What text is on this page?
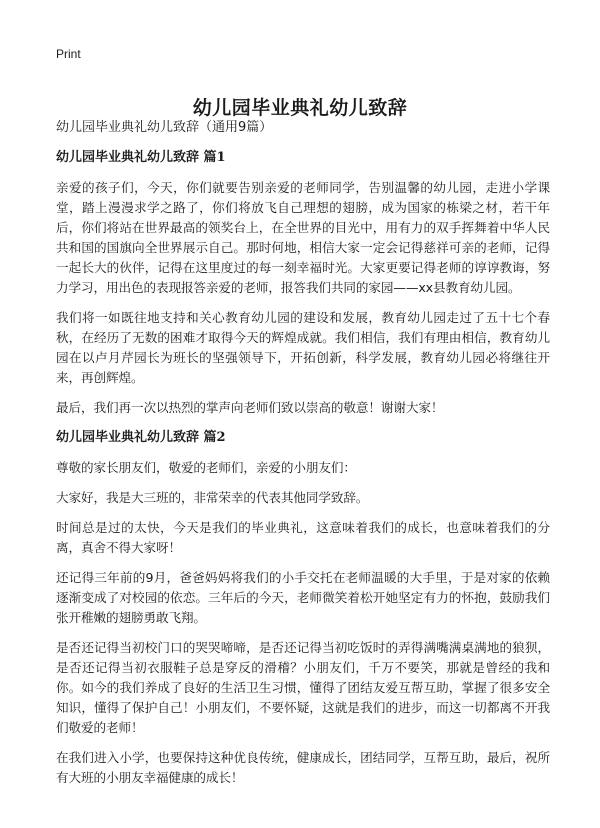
Print
幼儿园毕业典礼幼儿致辞

幼儿园毕业典礼幼儿致辞（通用9篇）

幼儿园毕业典礼幼儿致辞 篇1

亲爱的孩子们，今天，你们就要告别亲爱的老师同学，告别温馨的幼儿园，走进小学课堂，踏上漫漫求学之路了，你们将放飞自己理想的翅膀，成为国家的栋梁之材，若干年后，你们将站在世界最高的领奖台上，在全世界的目光中，用有力的双手挥舞着中华人民共和国的国旗向全世界展示自己。那时何地，相信大家一定会记得慈祥可亲的老师，记得一起长大的伙伴，记得在这里度过的每一刻幸福时光。大家更要记得老师的谆谆教诲，努力学习，用出色的表现报答亲爱的老师，报答我们共同的家园——xx县教育幼儿园。

我们将一如既往地支持和关心教育幼儿园的建设和发展，教育幼儿园走过了五十七个春秋，在经历了无数的困难才取得今天的辉煌成就。我们相信，我们有理由相信，教育幼儿园在以卢月芹园长为班长的坚强领导下，开拓创新，科学发展，教育幼儿园必将继往开来，再创辉煌。

最后，我们再一次以热烈的掌声向老师们致以崇高的敬意！谢谢大家！

幼儿园毕业典礼幼儿致辞 篇2

尊敬的家长朋友们，敬爱的老师们，亲爱的小朋友们：

大家好，我是大三班的，非常荣幸的代表其他同学致辞。

时间总是过的太快，今天是我们的毕业典礼，这意味着我们的成长，也意味着我们的分离，真舍不得大家呀！

还记得三年前的9月，爸爸妈妈将我们的小手交托在老师温暖的大手里，于是对家的依赖逐渐变成了对校园的依恋。三年后的今天，老师微笑着松开她坚定有力的怀抱，鼓励我们张开稚嫩的翅膀勇敢飞翔。

是否还记得当初校门口的哭哭啼啼，是否还记得当初吃饭时的弄得满嘴满桌满地的狼狈，是否还记得当初衣服鞋子总是穿反的滑稽？小朋友们，千万不要笑，那就是曾经的我和你。如今的我们养成了良好的生活卫生习惯，懂得了团结友爱互帮互助，掌握了很多安全知识，懂得了保护自己！小朋友们，不要怀疑，这就是我们的进步，而这一切都离不开我们敬爱的老师！

在我们进入小学，也要保持这种优良传统，健康成长，团结同学，互帮互助，最后，祝所有大班的小朋友幸福健康的成长！
